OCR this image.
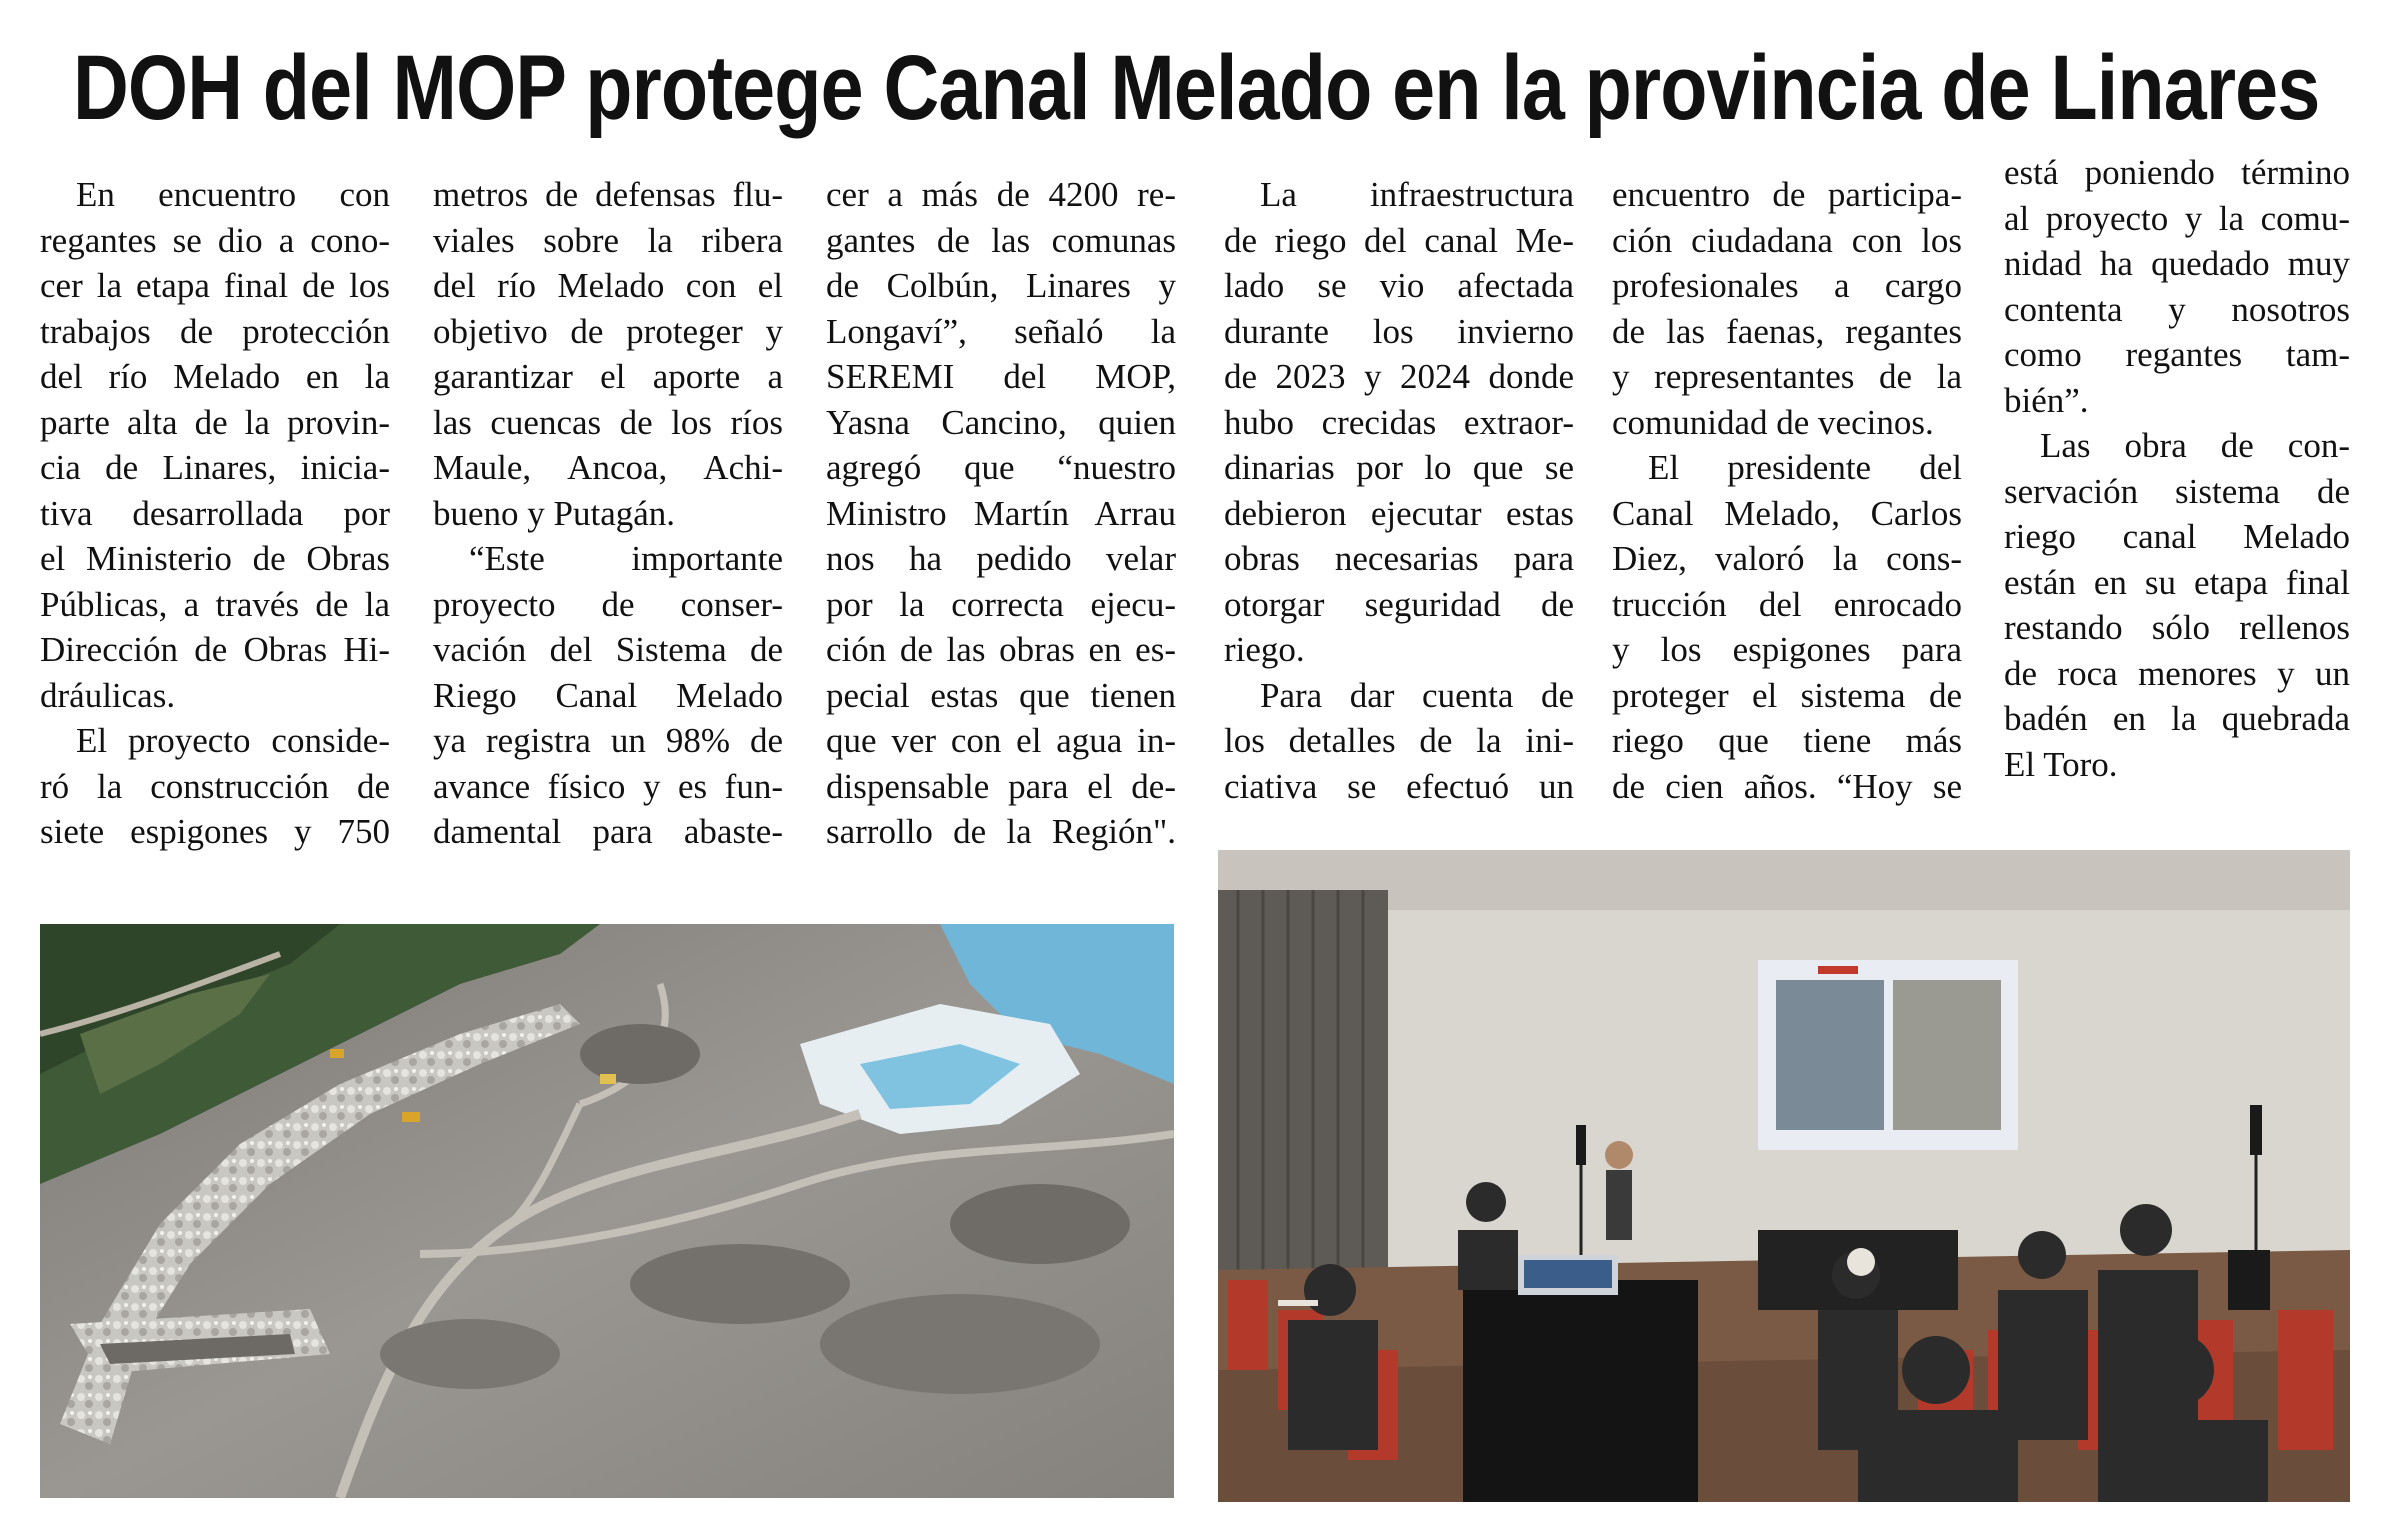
DOH del MOP protege Canal Melado en la provincia de Linares
En encuentro con
regantes se dio a cono-
cer la etapa final de los
trabajos de protección
del río Melado en la
parte alta de la provin-
cia de Linares, inicia-
tiva desarrollada por
el Ministerio de Obras
Públicas, a través de la
Dirección de Obras Hi-
dráulicas.
El proyecto conside-
ró la construcción de
siete espigones y 750
metros de defensas flu-
viales sobre la ribera
del río Melado con el
objetivo de proteger y
garantizar el aporte a
las cuencas de los ríos
Maule, Ancoa, Achi-
bueno y Putagán.
“Este importante
proyecto de conser-
vación del Sistema de
Riego Canal Melado
ya registra un 98% de
avance físico y es fun-
damental para abaste-
cer a más de 4200 re-
gantes de las comunas
de Colbún, Linares y
Longaví”, señaló la
SEREMI del MOP,
Yasna Cancino, quien
agregó que “nuestro
Ministro Martín Arrau
nos ha pedido velar
por la correcta ejecu-
ción de las obras en es-
pecial estas que tienen
que ver con el agua in-
dispensable para el de-
sarrollo de la Región".
La infraestructura
de riego del canal Me-
lado se vio afectada
durante los invierno
de 2023 y 2024 donde
hubo crecidas extraor-
dinarias por lo que se
debieron ejecutar estas
obras necesarias para
otorgar seguridad de
riego.
Para dar cuenta de
los detalles de la ini-
ciativa se efectuó un
encuentro de participa-
ción ciudadana con los
profesionales a cargo
de las faenas, regantes
y representantes de la
comunidad de vecinos.
El presidente del
Canal Melado, Carlos
Diez, valoró la cons-
trucción del enrocado
y los espigones para
proteger el sistema de
riego que tiene más
de cien años. “Hoy se
está poniendo término
al proyecto y la comu-
nidad ha quedado muy
contenta y nosotros
como regantes tam-
bién”.
Las obra de con-
servación sistema de
riego canal Melado
están en su etapa final
restando sólo rellenos
de roca menores y un
badén en la quebrada
El Toro.
